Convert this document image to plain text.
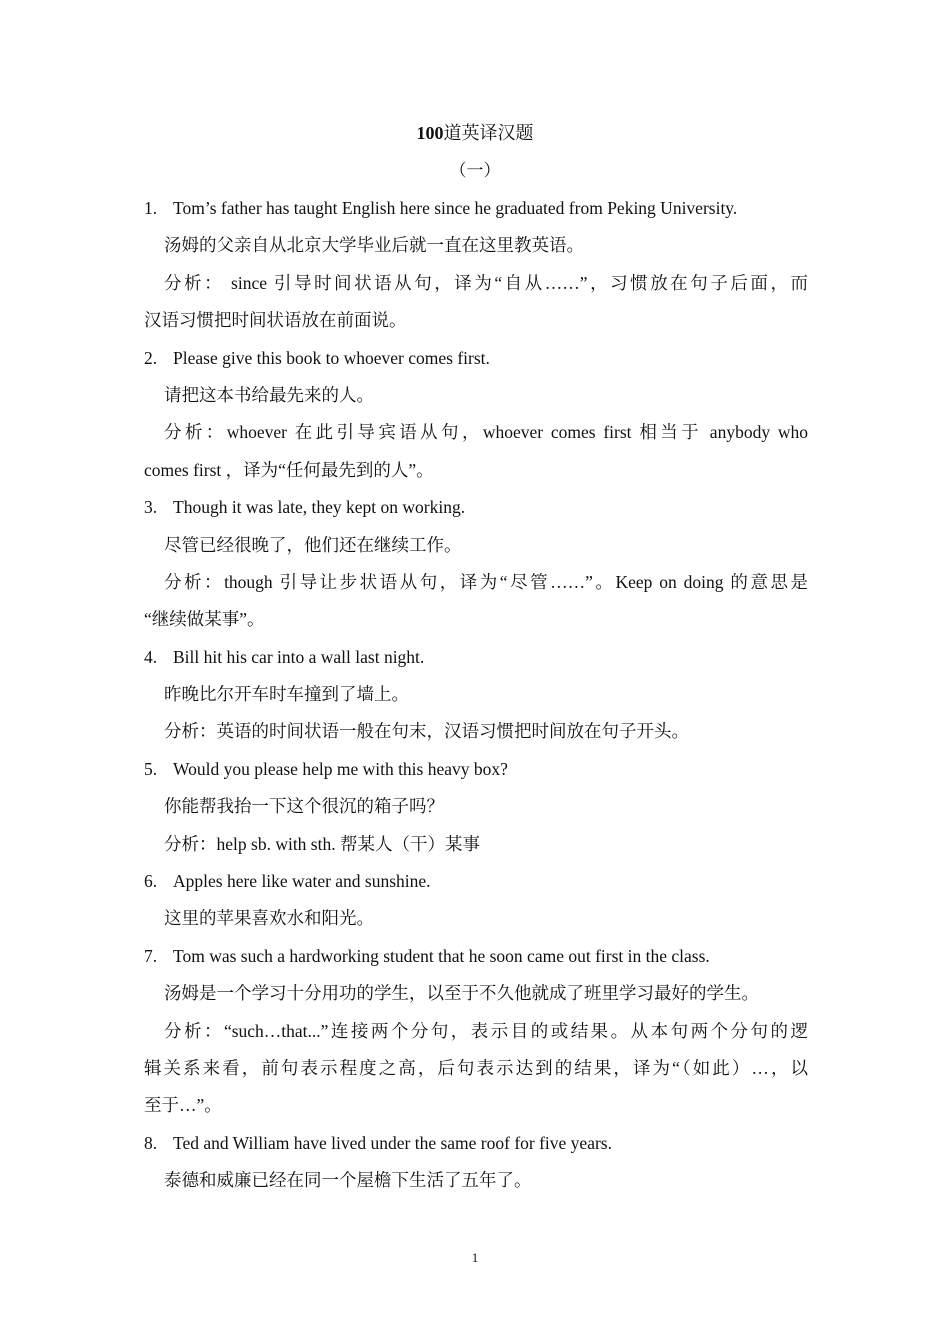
100道英译汉题
（一）
1. Tom’s father has taught English here since he graduated from Peking University.
汤姆的父亲自从北京大学毕业后就一直在这里教英语。
分析： since 引导时间状语从句，译为“自从……”，习惯放在句子后面，而
汉语习惯把时间状语放在前面说。
2. Please give this book to whoever comes first.
请把这本书给最先来的人。
分析：whoever 在此引导宾语从句，whoever comes first 相当于 anybody who
comes first ，译为“任何最先到的人”。
3. Though it was late, they kept on working.
尽管已经很晚了，他们还在继续工作。
分析：though 引导让步状语从句，译为“尽管……”。Keep on doing 的意思是
“继续做某事”。
4. Bill hit his car into a wall last night.
昨晚比尔开车时车撞到了墙上。
分析：英语的时间状语一般在句末，汉语习惯把时间放在句子开头。
5. Would you please help me with this heavy box?
你能帮我抬一下这个很沉的箱子吗？
分析：help sb. with sth. 帮某人（干）某事
6. Apples here like water and sunshine.
这里的苹果喜欢水和阳光。
7. Tom was such a hardworking student that he soon came out first in the class.
汤姆是一个学习十分用功的学生，以至于不久他就成了班里学习最好的学生。
分析：“such…that...”连接两个分句，表示目的或结果。从本句两个分句的逻
辑关系来看，前句表示程度之高，后句表示达到的结果，译为“（如此）…，以
至于…”。
8. Ted and William have lived under the same roof for five years.
泰德和威廉已经在同一个屋檐下生活了五年了。
1
